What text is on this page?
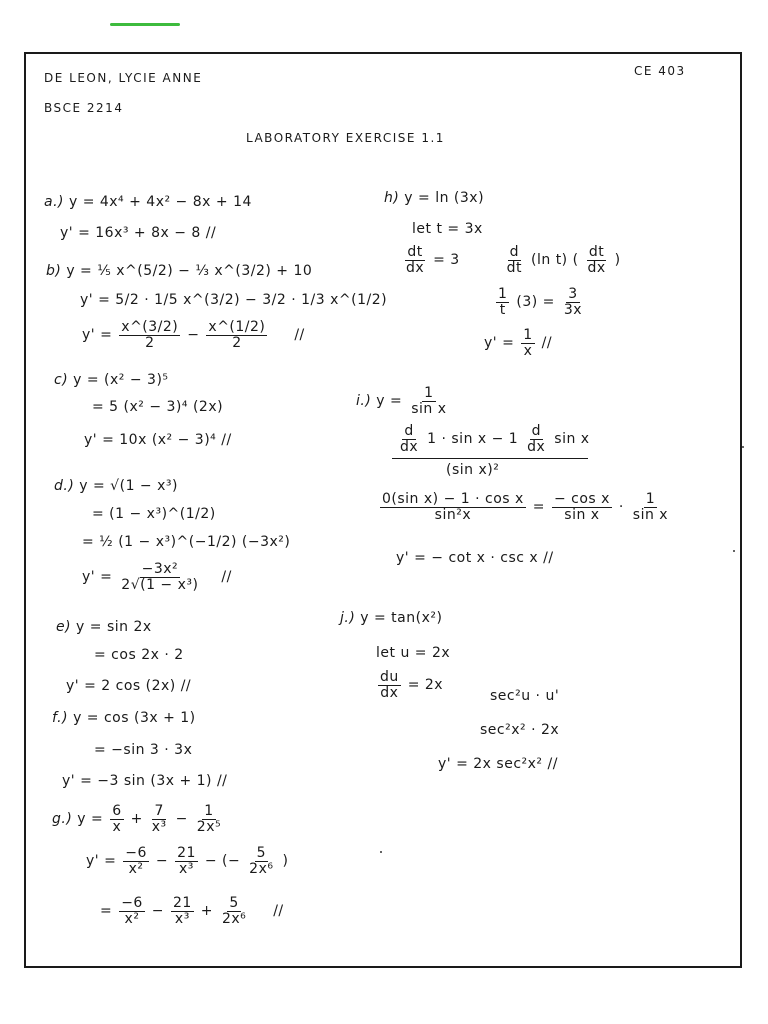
DE LEON, LYCIE ANNE	CE 403
BSCE 2214
LABORATORY EXERCISE 1.1
a.) y = 4x⁴ + 4x² − 8x + 14
y' = 16x³ + 8x − 8 //
b) y = ⅕ x^(5/2) − ⅓ x^(3/2) + 10
y' = 5/2 · 1/5 x^(3/2) − 3/2 · 1/3 x^(1/2)
$y' = \frac{x\^{}(3/2)}{2} - \frac{x\^{}(1/2)}{2}$ //
c) y = (x² − 3)⁵
= 5 (x² − 3)⁴ (2x)
y' = 10x (x² − 3)⁴ //
d.) y = √(1 − x³)
= (1 − x³)^(1/2)
= ½ (1 − x³)^(−1/2) (−3x²)
$y' = \frac{\text{−3x²}}{\text{2√(1 − x³)}}$ //
e) y = sin 2x
= cos 2x · 2
y' = 2 cos (2x) //
f.) y = cos (3x + 1)
= −sin 3 · 3x
y' = −3 sin (3x + 1) //
g.) $y = \frac{6}{x} + \frac{7}{\text{x³}} - \frac{1}{\text{2x⁵}}$
$y' = \frac{-6}{\text{x²}} - \frac{21}{\text{x³}}$ − (− $\frac{5}{\text{2x⁶}}$ )
= $\frac{-6}{\text{x²}} - \frac{21}{\text{x³}} + \frac{5}{\text{2x⁶}}$ //
h) y = ln (3x)
let t = 3x
$\frac{dt}{dx} = 3$	$\frac{d}{dt} (\ln$ t) ( $\frac{dt}{dx}$ )
$\frac{1}{t} (3) = \frac{3}{3x}$
$y' = \frac{1}{x}$ //
i.) $y = \frac{1}{\text{sin x}}$
$\frac{d}{dx} 1 \cdot \sin x - 1 \frac{d}{dx}$ sin x
(sin x)²
$\frac{\text{0(sin x) − 1 · cos x}}{\text{sin²x}} = \frac{\text{− cos x}}{\text{sin x}} \cdot \frac{1}{\text{sin x}}$
y' = − cot x · csc x //
j.) y = tan(x²)
let u = 2x
$\frac{du}{dx} = 2x$
sec²u · u'
sec²x² · 2x
y' = 2x sec²x² //
